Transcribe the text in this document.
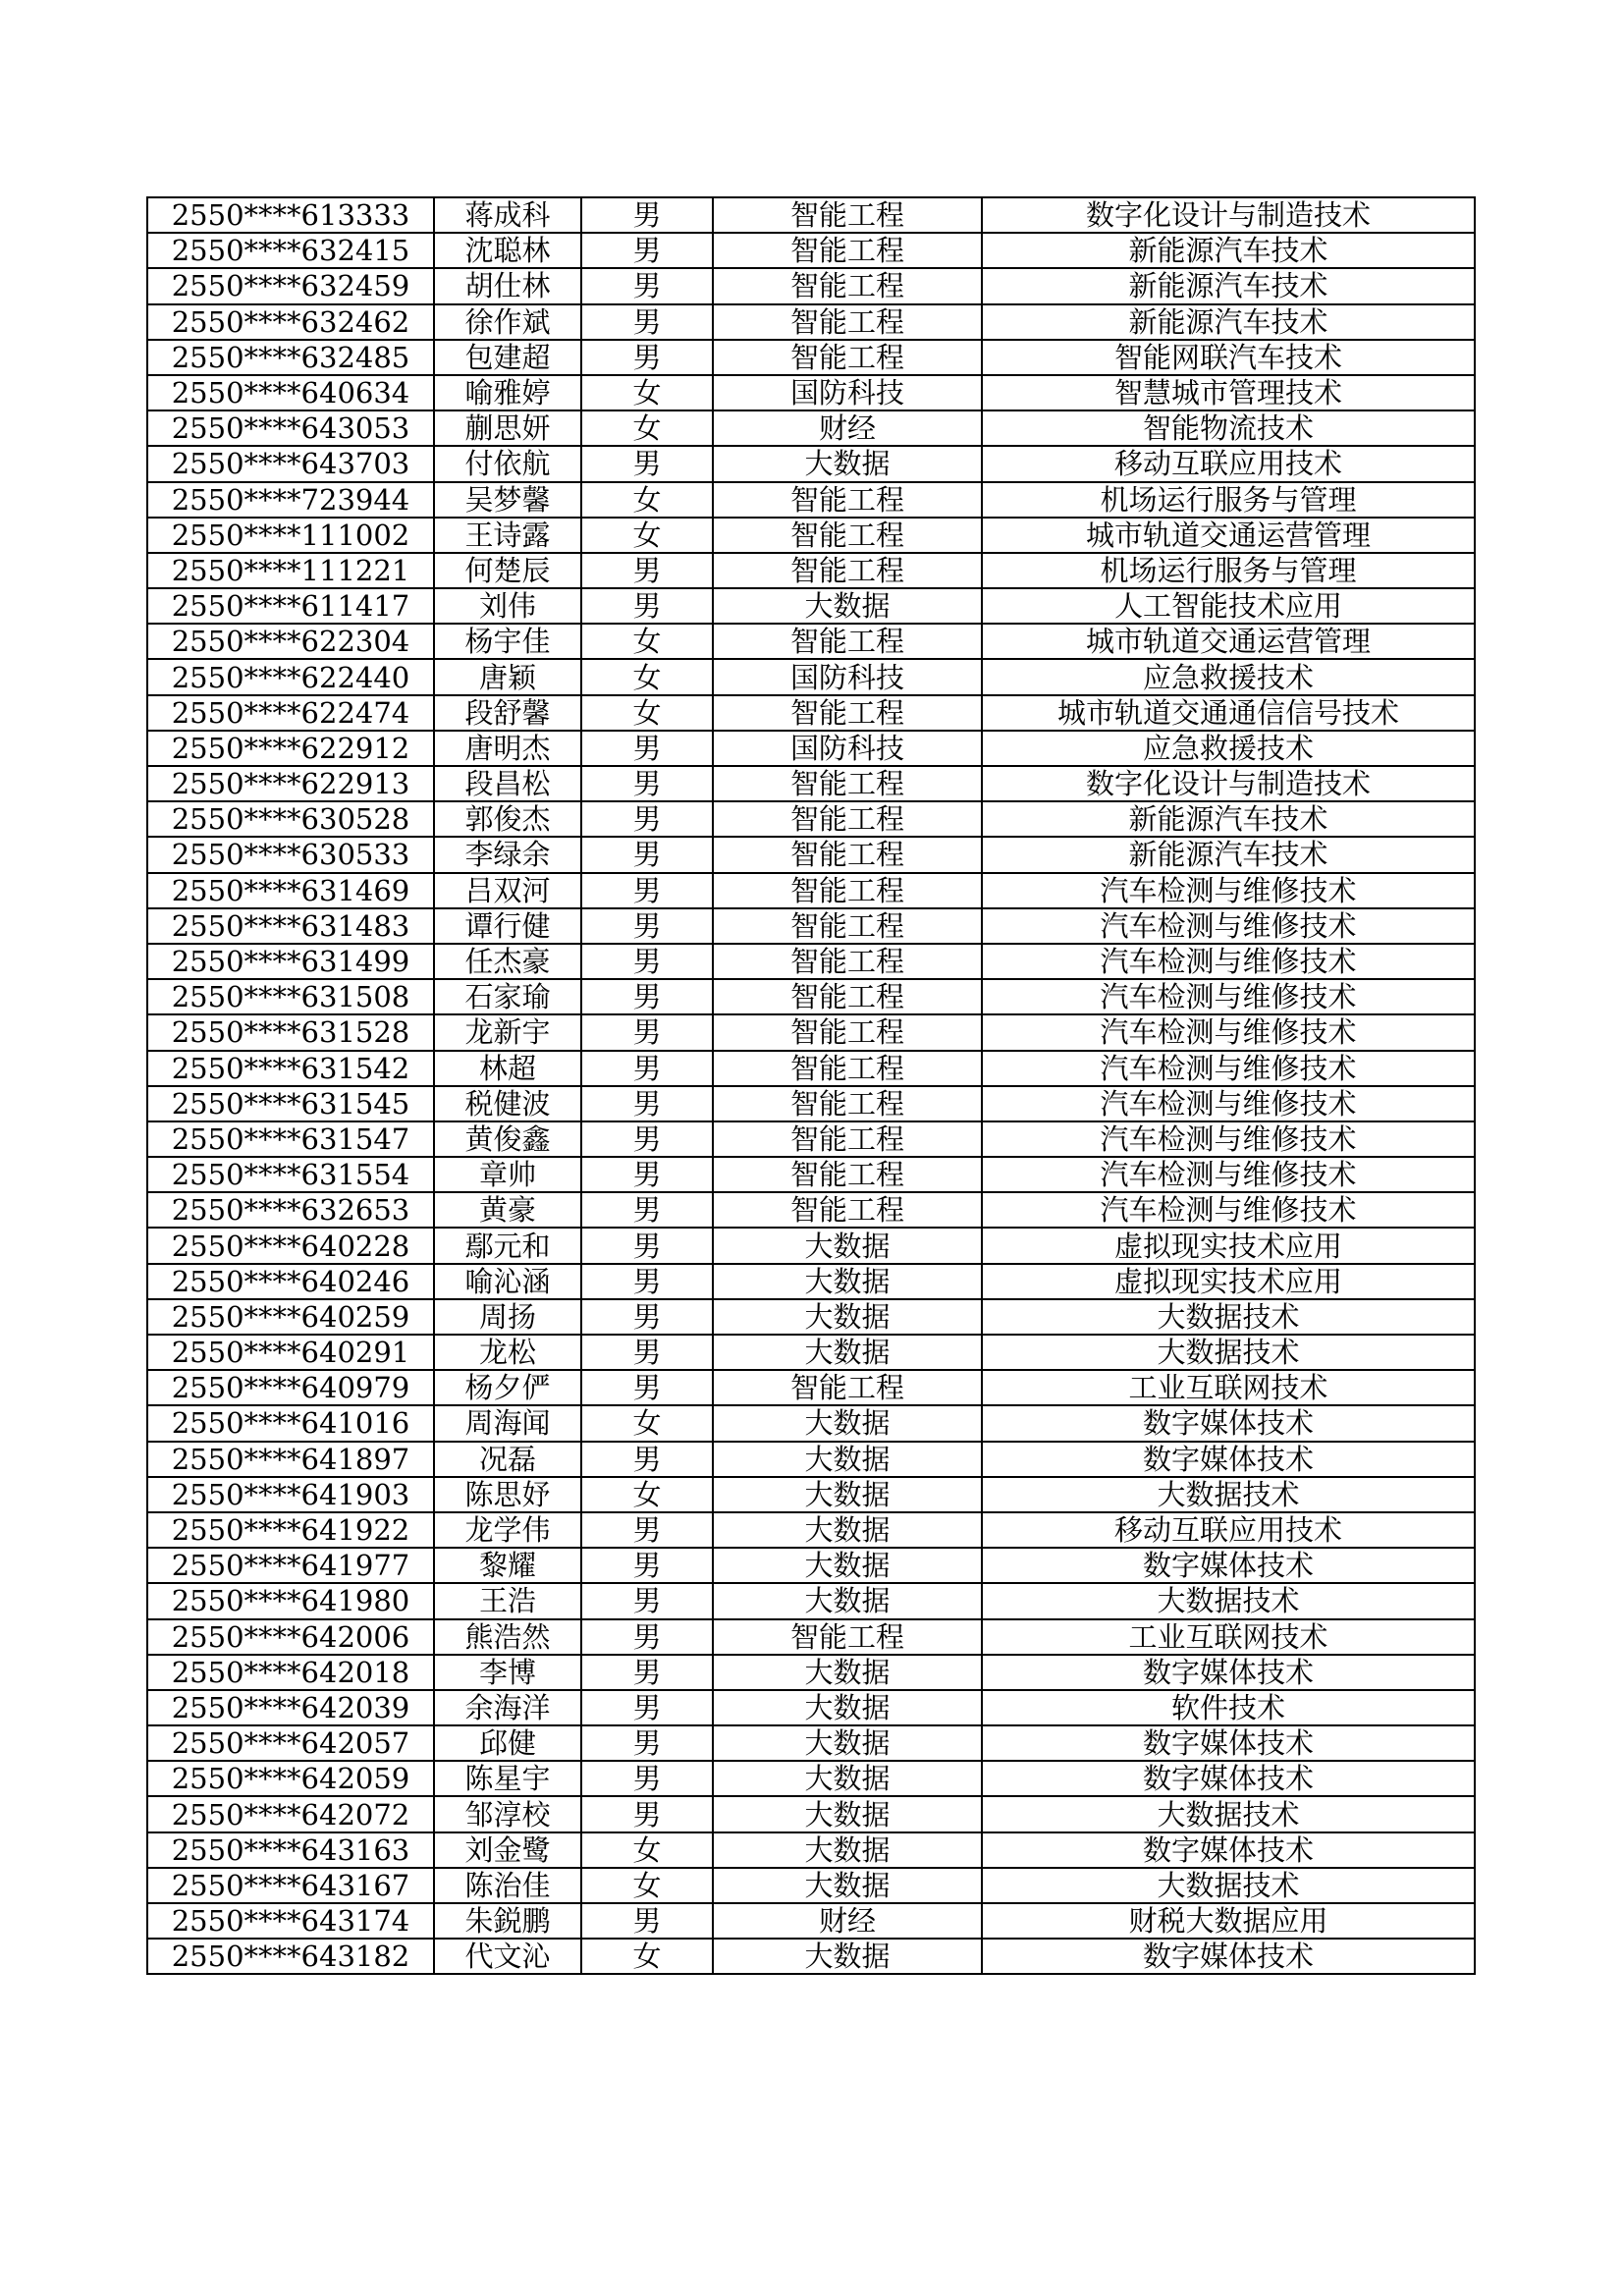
2550****613333	蒋成科	男	智能工程	数字化设计与制造技术
2550****632415	沈聪林	男	智能工程	新能源汽车技术
2550****632459	胡仕林	男	智能工程	新能源汽车技术
2550****632462	徐作斌	男	智能工程	新能源汽车技术
2550****632485	包建超	男	智能工程	智能网联汽车技术
2550****640634	喻雅婷	女	国防科技	智慧城市管理技术
2550****643053	蒯思妍	女	财经	智能物流技术
2550****643703	付依航	男	大数据	移动互联应用技术
2550****723944	吴梦馨	女	智能工程	机场运行服务与管理
2550****111002	王诗露	女	智能工程	城市轨道交通运营管理
2550****111221	何楚辰	男	智能工程	机场运行服务与管理
2550****611417	刘伟	男	大数据	人工智能技术应用
2550****622304	杨宇佳	女	智能工程	城市轨道交通运营管理
2550****622440	唐颖	女	国防科技	应急救援技术
2550****622474	段舒馨	女	智能工程	城市轨道交通通信信号技术
2550****622912	唐明杰	男	国防科技	应急救援技术
2550****622913	段昌松	男	智能工程	数字化设计与制造技术
2550****630528	郭俊杰	男	智能工程	新能源汽车技术
2550****630533	李绿余	男	智能工程	新能源汽车技术
2550****631469	吕双河	男	智能工程	汽车检测与维修技术
2550****631483	谭行健	男	智能工程	汽车检测与维修技术
2550****631499	任杰豪	男	智能工程	汽车检测与维修技术
2550****631508	石家瑜	男	智能工程	汽车检测与维修技术
2550****631528	龙新宇	男	智能工程	汽车检测与维修技术
2550****631542	林超	男	智能工程	汽车检测与维修技术
2550****631545	税健波	男	智能工程	汽车检测与维修技术
2550****631547	黄俊鑫	男	智能工程	汽车检测与维修技术
2550****631554	章帅	男	智能工程	汽车检测与维修技术
2550****632653	黄豪	男	智能工程	汽车检测与维修技术
2550****640228	鄢元和	男	大数据	虚拟现实技术应用
2550****640246	喻沁涵	男	大数据	虚拟现实技术应用
2550****640259	周扬	男	大数据	大数据技术
2550****640291	龙松	男	大数据	大数据技术
2550****640979	杨夕俨	男	智能工程	工业互联网技术
2550****641016	周海闻	女	大数据	数字媒体技术
2550****641897	况磊	男	大数据	数字媒体技术
2550****641903	陈思妤	女	大数据	大数据技术
2550****641922	龙学伟	男	大数据	移动互联应用技术
2550****641977	黎耀	男	大数据	数字媒体技术
2550****641980	王浩	男	大数据	大数据技术
2550****642006	熊浩然	男	智能工程	工业互联网技术
2550****642018	李博	男	大数据	数字媒体技术
2550****642039	余海洋	男	大数据	软件技术
2550****642057	邱健	男	大数据	数字媒体技术
2550****642059	陈星宇	男	大数据	数字媒体技术
2550****642072	邹淳校	男	大数据	大数据技术
2550****643163	刘金鹭	女	大数据	数字媒体技术
2550****643167	陈治佳	女	大数据	大数据技术
2550****643174	朱鋭鹏	男	财经	财税大数据应用
2550****643182	代文沁	女	大数据	数字媒体技术
